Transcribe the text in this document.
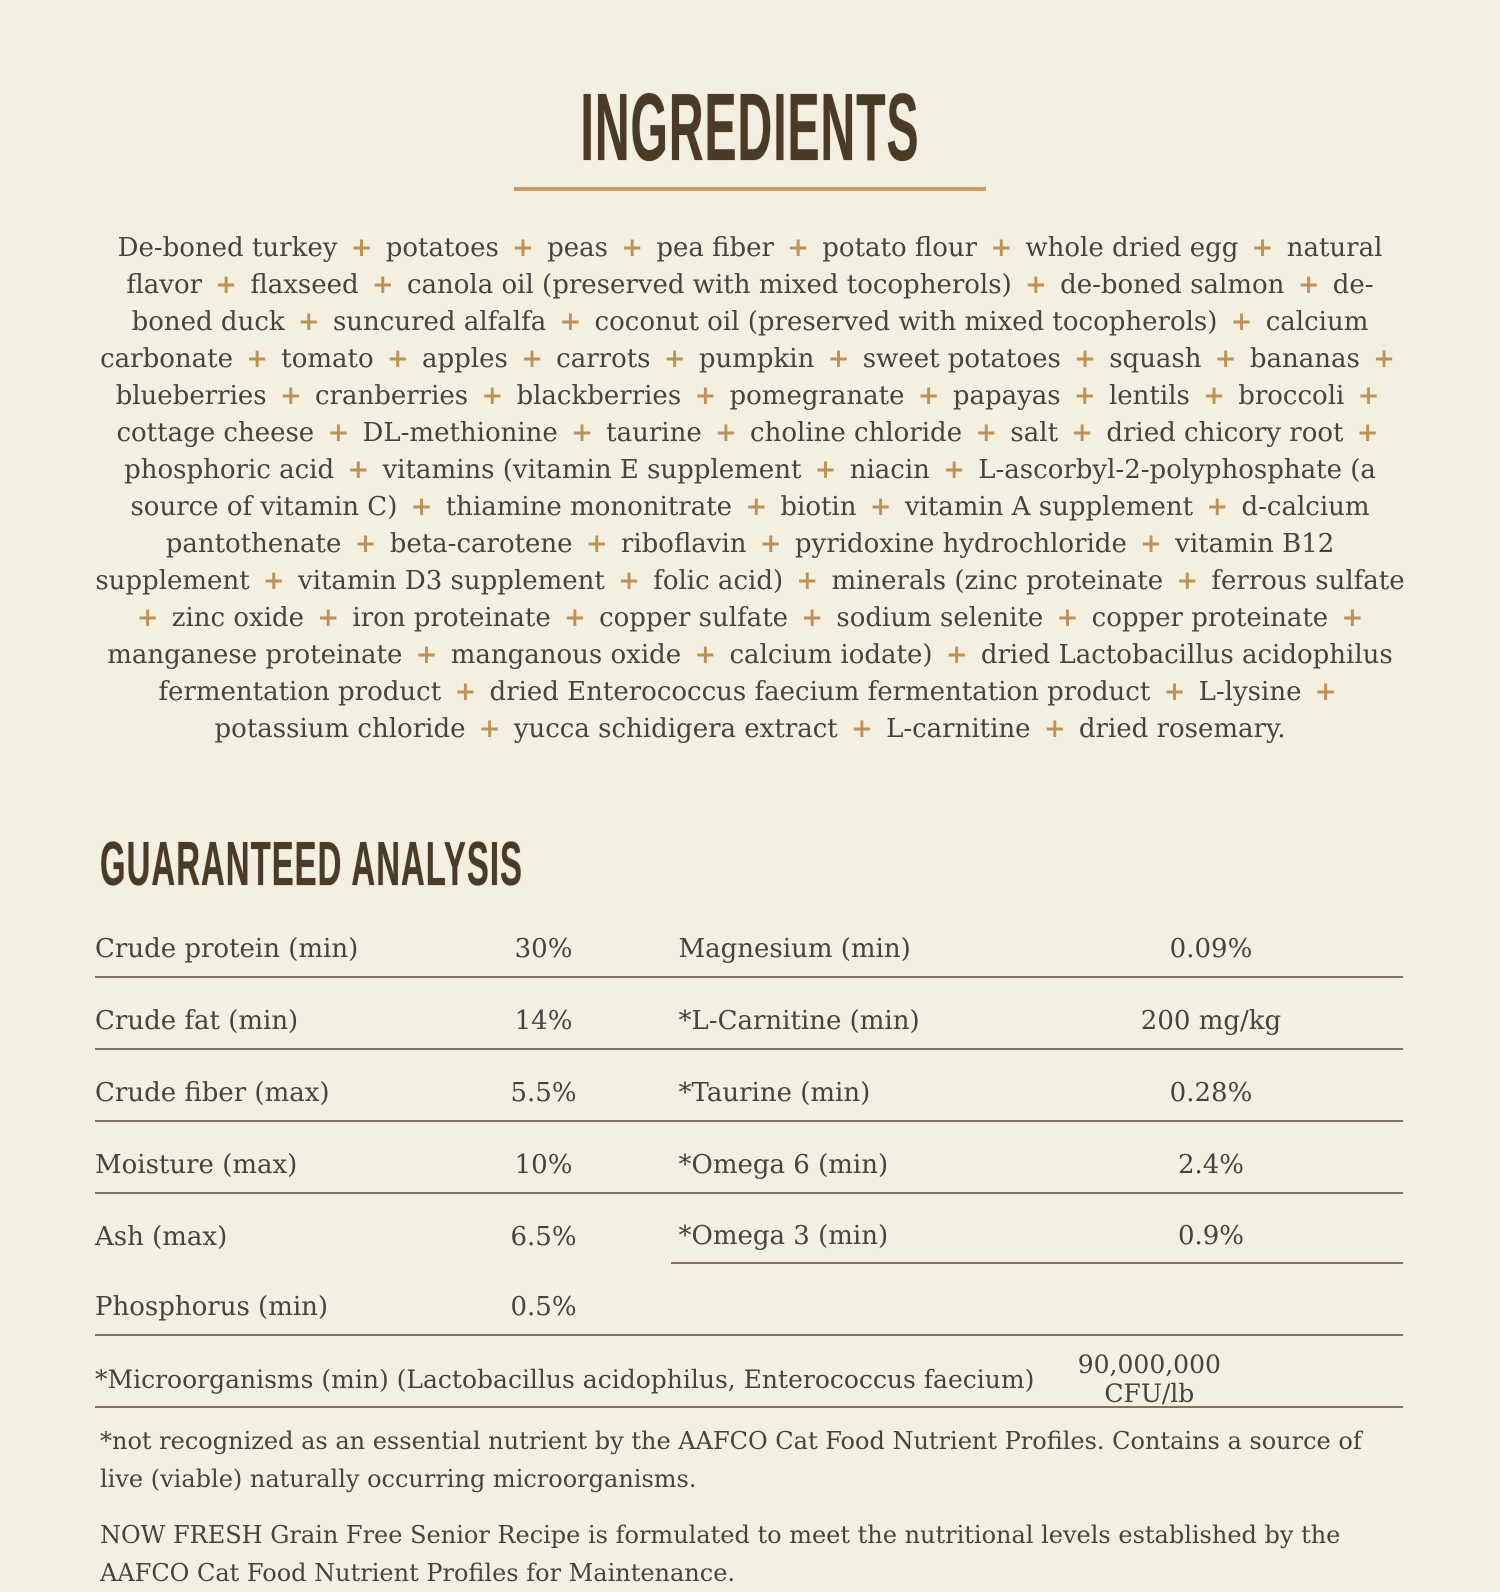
INGREDIENTS

De-boned turkey + potatoes + peas + pea fiber + potato flour + whole dried egg + natural flavor + flaxseed + canola oil (preserved with mixed tocopherols) + de-boned salmon + de-boned duck + suncured alfalfa + coconut oil (preserved with mixed tocopherols) + calcium carbonate + tomato + apples + carrots + pumpkin + sweet potatoes + squash + bananas + blueberries + cranberries + blackberries + pomegranate + papayas + lentils + broccoli + cottage cheese + DL-methionine + taurine + choline chloride + salt + dried chicory root + phosphoric acid + vitamins (vitamin E supplement + niacin + L-ascorbyl-2-polyphosphate (a source of vitamin C) + thiamine mononitrate + biotin + vitamin A supplement + d-calcium pantothenate + beta-carotene + riboflavin + pyridoxine hydrochloride + vitamin B12 supplement + vitamin D3 supplement + folic acid) + minerals (zinc proteinate + ferrous sulfate + zinc oxide + iron proteinate + copper sulfate + sodium selenite + copper proteinate + manganese proteinate + manganous oxide + calcium iodate) + dried Lactobacillus acidophilus fermentation product + dried Enterococcus faecium fermentation product + L-lysine + potassium chloride + yucca schidigera extract + L-carnitine + dried rosemary.

GUARANTEED ANALYSIS
Crude protein (min)	30%	Magnesium (min)	0.09%
Crude fat (min)	14%	*L-Carnitine (min)	200 mg/kg
Crude fiber (max)	5.5%	*Taurine (min)	0.28%
Moisture (max)	10%	*Omega 6 (min)	2.4%
Ash (max)	6.5%	*Omega 3 (min)	0.9%
Phosphorus (min)	0.5%
*Microorganisms (min) (Lactobacillus acidophilus, Enterococcus faecium)	90,000,000 CFU/lb

*not recognized as an essential nutrient by the AAFCO Cat Food Nutrient Profiles. Contains a source of live (viable) naturally occurring microorganisms.

NOW FRESH Grain Free Senior Recipe is formulated to meet the nutritional levels established by the AAFCO Cat Food Nutrient Profiles for Maintenance.
